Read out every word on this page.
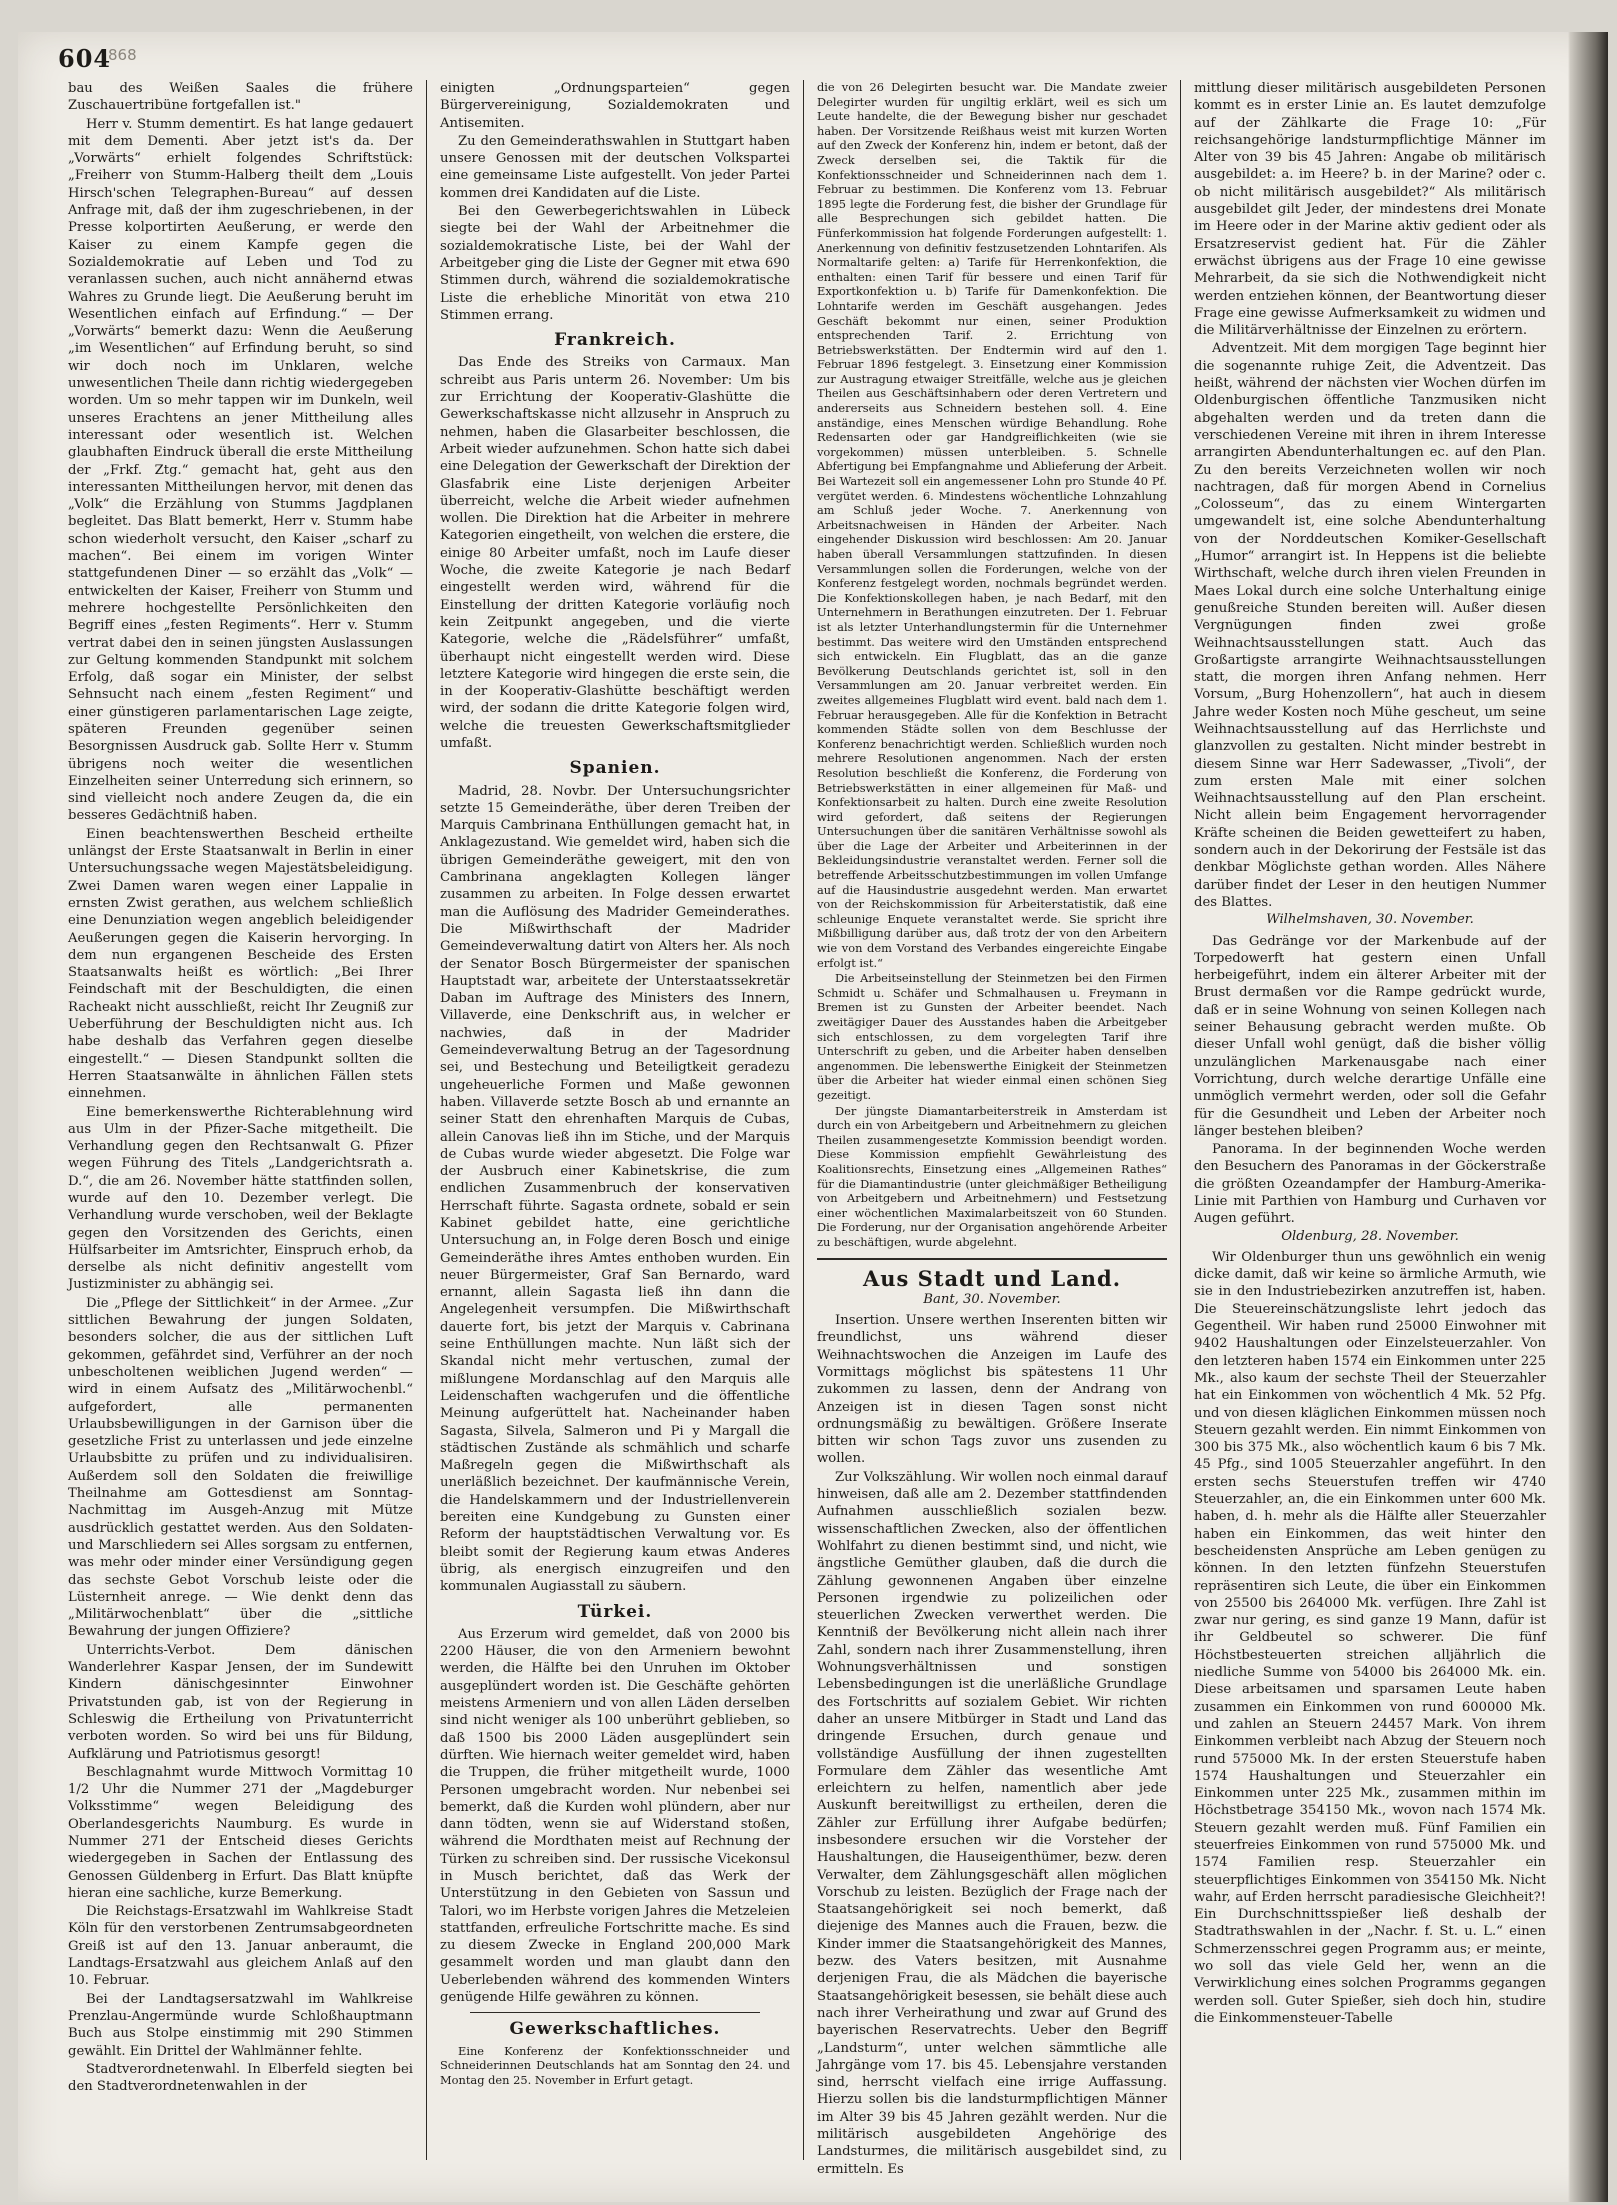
604
868

bau des Weißen Saales die frühere Zuschauertribüne fortgefallen ist."

Herr v. Stumm dementirt. Es hat lange gedauert mit dem Dementi. Aber jetzt ist's da. Der „Vorwärts“ erhielt folgendes Schriftstück: „Freiherr von Stumm-Halberg theilt dem „Louis Hirsch'schen Telegraphen-Bureau“ auf dessen Anfrage mit, daß der ihm zugeschriebenen, in der Presse kolportirten Aeußerung, er werde den Kaiser zu einem Kampfe gegen die Sozialdemokratie auf Leben und Tod zu veranlassen suchen, auch nicht annähernd etwas Wahres zu Grunde liegt. Die Aeußerung beruht im Wesentlichen einfach auf Erfindung.“ — Der „Vorwärts“ bemerkt dazu: Wenn die Aeußerung „im Wesentlichen“ auf Erfindung beruht, so sind wir doch noch im Unklaren, welche unwesentlichen Theile dann richtig wiedergegeben worden. Um so mehr tappen wir im Dunkeln, weil unseres Erachtens an jener Mittheilung alles interessant oder wesentlich ist. Welchen glaubhaften Eindruck überall die erste Mittheilung der „Frkf. Ztg.“ gemacht hat, geht aus den interessanten Mittheilungen hervor, mit denen das „Volk“ die Erzählung von Stumms Jagdplanen begleitet. Das Blatt bemerkt, Herr v. Stumm habe schon wiederholt versucht, den Kaiser „scharf zu machen“. Bei einem im vorigen Winter stattgefundenen Diner — so erzählt das „Volk“ — entwickelten der Kaiser, Freiherr von Stumm und mehrere hochgestellte Persönlichkeiten den Begriff eines „festen Regiments“. Herr v. Stumm vertrat dabei den in seinen jüngsten Auslassungen zur Geltung kommenden Standpunkt mit solchem Erfolg, daß sogar ein Minister, der selbst Sehnsucht nach einem „festen Regiment“ und einer günstigeren parlamentarischen Lage zeigte, späteren Freunden gegenüber seinen Besorgnissen Ausdruck gab. Sollte Herr v. Stumm übrigens noch weiter die wesentlichen Einzelheiten seiner Unterredung sich erinnern, so sind vielleicht noch andere Zeugen da, die ein besseres Gedächtniß haben.

Einen beachtenswerthen Bescheid ertheilte unlängst der Erste Staatsanwalt in Berlin in einer Untersuchungssache wegen Majestätsbeleidigung. Zwei Damen waren wegen einer Lappalie in ernsten Zwist gerathen, aus welchem schließlich eine Denunziation wegen angeblich beleidigender Aeußerungen gegen die Kaiserin hervorging. In dem nun ergangenen Bescheide des Ersten Staatsanwalts heißt es wörtlich: „Bei Ihrer Feindschaft mit der Beschuldigten, die einen Racheakt nicht ausschließt, reicht Ihr Zeugniß zur Ueberführung der Beschuldigten nicht aus. Ich habe deshalb das Verfahren gegen dieselbe eingestellt.“ — Diesen Standpunkt sollten die Herren Staatsanwälte in ähnlichen Fällen stets einnehmen.

Eine bemerkenswerthe Richterablehnung wird aus Ulm in der Pfizer-Sache mitgetheilt. Die Verhandlung gegen den Rechtsanwalt G. Pfizer wegen Führung des Titels „Landgerichtsrath a. D.“, die am 26. November hätte stattfinden sollen, wurde auf den 10. Dezember verlegt. Die Verhandlung wurde verschoben, weil der Beklagte gegen den Vorsitzenden des Gerichts, einen Hülfsarbeiter im Amtsrichter, Einspruch erhob, da derselbe als nicht definitiv angestellt vom Justizminister zu abhängig sei.

Die „Pflege der Sittlichkeit“ in der Armee. „Zur sittlichen Bewahrung der jungen Soldaten, besonders solcher, die aus der sittlichen Luft gekommen, gefährdet sind, Verführer an der noch unbescholtenen weiblichen Jugend werden“ — wird in einem Aufsatz des „Militärwochenbl.“ aufgefordert, alle permanenten Urlaubsbewilligungen in der Garnison über die gesetzliche Frist zu unterlassen und jede einzelne Urlaubsbitte zu prüfen und zu individualisiren. Außerdem soll den Soldaten die freiwillige Theilnahme am Gottesdienst am Sonntag-Nachmittag im Ausgeh-Anzug mit Mütze ausdrücklich gestattet werden. Aus den Soldaten- und Marschliedern sei Alles sorgsam zu entfernen, was mehr oder minder einer Versündigung gegen das sechste Gebot Vorschub leiste oder die Lüsternheit anrege. — Wie denkt denn das „Militärwochenblatt“ über die „sittliche Bewahrung der jungen Offiziere?

Unterrichts-Verbot. Dem dänischen Wanderlehrer Kaspar Jensen, der im Sundewitt Kindern dänischgesinnter Einwohner Privatstunden gab, ist von der Regierung in Schleswig die Ertheilung von Privatunterricht verboten worden. So wird bei uns für Bildung, Aufklärung und Patriotismus gesorgt!

Beschlagnahmt wurde Mittwoch Vormittag 10 1/2 Uhr die Nummer 271 der „Magdeburger Volksstimme“ wegen Beleidigung des Oberlandesgerichts Naumburg. Es wurde in Nummer 271 der Entscheid dieses Gerichts wiedergegeben in Sachen der Entlassung des Genossen Güldenberg in Erfurt. Das Blatt knüpfte hieran eine sachliche, kurze Bemerkung.

Die Reichstags-Ersatzwahl im Wahlkreise Stadt Köln für den verstorbenen Zentrumsabgeordneten Greiß ist auf den 13. Januar anberaumt, die Landtags-Ersatzwahl aus gleichem Anlaß auf den 10. Februar.

Bei der Landtagsersatzwahl im Wahlkreise Prenzlau-Angermünde wurde Schloßhauptmann Buch aus Stolpe einstimmig mit 290 Stimmen gewählt. Ein Drittel der Wahlmänner fehlte.

Stadtverordnetenwahl. In Elberfeld siegten bei den Stadtverordnetenwahlen in der

einigten „Ordnungsparteien“ gegen Bürgervereinigung, Sozialdemokraten und Antisemiten.

Zu den Gemeinderathswahlen in Stuttgart haben unsere Genossen mit der deutschen Volkspartei eine gemeinsame Liste aufgestellt. Von jeder Partei kommen drei Kandidaten auf die Liste.

Bei den Gewerbegerichtswahlen in Lübeck siegte bei der Wahl der Arbeitnehmer die sozialdemokratische Liste, bei der Wahl der Arbeitgeber ging die Liste der Gegner mit etwa 690 Stimmen durch, während die sozialdemokratische Liste die erhebliche Minorität von etwa 210 Stimmen errang.

Frankreich.

Das Ende des Streiks von Carmaux. Man schreibt aus Paris unterm 26. November: Um bis zur Errichtung der Kooperativ-Glashütte die Gewerkschaftskasse nicht allzusehr in Anspruch zu nehmen, haben die Glasarbeiter beschlossen, die Arbeit wieder aufzunehmen. Schon hatte sich dabei eine Delegation der Gewerkschaft der Direktion der Glasfabrik eine Liste derjenigen Arbeiter überreicht, welche die Arbeit wieder aufnehmen wollen. Die Direktion hat die Arbeiter in mehrere Kategorien eingetheilt, von welchen die erstere, die einige 80 Arbeiter umfaßt, noch im Laufe dieser Woche, die zweite Kategorie je nach Bedarf eingestellt werden wird, während für die Einstellung der dritten Kategorie vorläufig noch kein Zeitpunkt angegeben, und die vierte Kategorie, welche die „Rädelsführer“ umfaßt, überhaupt nicht eingestellt werden wird. Diese letztere Kategorie wird hingegen die erste sein, die in der Kooperativ-Glashütte beschäftigt werden wird, der sodann die dritte Kategorie folgen wird, welche die treuesten Gewerkschaftsmitglieder umfaßt.

Spanien.

Madrid, 28. Novbr. Der Untersuchungsrichter setzte 15 Gemeinderäthe, über deren Treiben der Marquis Cambrinana Enthüllungen gemacht hat, in Anklagezustand. Wie gemeldet wird, haben sich die übrigen Gemeinderäthe geweigert, mit den von Cambrinana angeklagten Kollegen länger zusammen zu arbeiten. In Folge dessen erwartet man die Auflösung des Madrider Gemeinderathes. Die Mißwirthschaft der Madrider Gemeindeverwaltung datirt von Alters her. Als noch der Senator Bosch Bürgermeister der spanischen Hauptstadt war, arbeitete der Unterstaatssekretär Daban im Auftrage des Ministers des Innern, Villaverde, eine Denkschrift aus, in welcher er nachwies, daß in der Madrider Gemeindeverwaltung Betrug an der Tagesordnung sei, und Bestechung und Beteiligtkeit geradezu ungeheuerliche Formen und Maße gewonnen haben. Villaverde setzte Bosch ab und ernannte an seiner Statt den ehrenhaften Marquis de Cubas, allein Canovas ließ ihn im Stiche, und der Marquis de Cubas wurde wieder abgesetzt. Die Folge war der Ausbruch einer Kabinetskrise, die zum endlichen Zusammenbruch der konservativen Herrschaft führte. Sagasta ordnete, sobald er sein Kabinet gebildet hatte, eine gerichtliche Untersuchung an, in Folge deren Bosch und einige Gemeinderäthe ihres Amtes enthoben wurden. Ein neuer Bürgermeister, Graf San Bernardo, ward ernannt, allein Sagasta ließ ihn dann die Angelegenheit versumpfen. Die Mißwirthschaft dauerte fort, bis jetzt der Marquis v. Cabrinana seine Enthüllungen machte. Nun läßt sich der Skandal nicht mehr vertuschen, zumal der mißlungene Mordanschlag auf den Marquis alle Leidenschaften wachgerufen und die öffentliche Meinung aufgerüttelt hat. Nacheinander haben Sagasta, Silvela, Salmeron und Pi y Margall die städtischen Zustände als schmählich und scharfe Maßregeln gegen die Mißwirthschaft als unerläßlich bezeichnet. Der kaufmännische Verein, die Handelskammern und der Industriellenverein bereiten eine Kundgebung zu Gunsten einer Reform der hauptstädtischen Verwaltung vor. Es bleibt somit der Regierung kaum etwas Anderes übrig, als energisch einzugreifen und den kommunalen Augiasstall zu säubern.

Türkei.

Aus Erzerum wird gemeldet, daß von 2000 bis 2200 Häuser, die von den Armeniern bewohnt werden, die Hälfte bei den Unruhen im Oktober ausgeplündert worden ist. Die Geschäfte gehörten meistens Armeniern und von allen Läden derselben sind nicht weniger als 100 unberührt geblieben, so daß 1500 bis 2000 Läden ausgeplündert sein dürften. Wie hiernach weiter gemeldet wird, haben die Truppen, die früher mitgetheilt wurde, 1000 Personen umgebracht worden. Nur nebenbei sei bemerkt, daß die Kurden wohl plündern, aber nur dann tödten, wenn sie auf Widerstand stoßen, während die Mordthaten meist auf Rechnung der Türken zu schreiben sind. Der russische Vicekonsul in Musch berichtet, daß das Werk der Unterstützung in den Gebieten von Sassun und Talori, wo im Herbste vorigen Jahres die Metzeleien stattfanden, erfreuliche Fortschritte mache. Es sind zu diesem Zwecke in England 200,000 Mark gesammelt worden und man glaubt dann den Ueberlebenden während des kommenden Winters genügende Hilfe gewähren zu können.

Gewerkschaftliches.

Eine Konferenz der Konfektionsschneider und Schneiderinnen Deutschlands hat am Sonntag den 24. und Montag den 25. November in Erfurt getagt.

die von 26 Delegirten besucht war. Die Mandate zweier Delegirter wurden für ungiltig erklärt, weil es sich um Leute handelte, die der Bewegung bisher nur geschadet haben. Der Vorsitzende Reißhaus weist mit kurzen Worten auf den Zweck der Konferenz hin, indem er betont, daß der Zweck derselben sei, die Taktik für die Konfektionsschneider und Schneiderinnen nach dem 1. Februar zu bestimmen. Die Konferenz vom 13. Februar 1895 legte die Forderung fest, die bisher der Grundlage für alle Besprechungen sich gebildet hatten. Die Fünferkommission hat folgende Forderungen aufgestellt: 1. Anerkennung von definitiv festzusetzenden Lohntarifen. Als Normaltarife gelten: a) Tarife für Herrenkonfektion, die enthalten: einen Tarif für bessere und einen Tarif für Exportkonfektion u. b) Tarife für Damenkonfektion. Die Lohntarife werden im Geschäft ausgehangen. Jedes Geschäft bekommt nur einen, seiner Produktion entsprechenden Tarif. 2. Errichtung von Betriebswerkstätten. Der Endtermin wird auf den 1. Februar 1896 festgelegt. 3. Einsetzung einer Kommission zur Austragung etwaiger Streitfälle, welche aus je gleichen Theilen aus Geschäftsinhabern oder deren Vertretern und andererseits aus Schneidern bestehen soll. 4. Eine anständige, eines Menschen würdige Behandlung. Rohe Redensarten oder gar Handgreiflichkeiten (wie sie vorgekommen) müssen unterbleiben. 5. Schnelle Abfertigung bei Empfangnahme und Ablieferung der Arbeit. Bei Wartezeit soll ein angemessener Lohn pro Stunde 40 Pf. vergütet werden. 6. Mindestens wöchentliche Lohnzahlung am Schluß jeder Woche. 7. Anerkennung von Arbeitsnachweisen in Händen der Arbeiter. Nach eingehender Diskussion wird beschlossen: Am 20. Januar haben überall Versammlungen stattzufinden. In diesen Versammlungen sollen die Forderungen, welche von der Konferenz festgelegt worden, nochmals begründet werden. Die Konfektionskollegen haben, je nach Bedarf, mit den Unternehmern in Berathungen einzutreten. Der 1. Februar ist als letzter Unterhandlungstermin für die Unternehmer bestimmt. Das weitere wird den Umständen entsprechend sich entwickeln. Ein Flugblatt, das an die ganze Bevölkerung Deutschlands gerichtet ist, soll in den Versammlungen am 20. Januar verbreitet werden. Ein zweites allgemeines Flugblatt wird event. bald nach dem 1. Februar herausgegeben. Alle für die Konfektion in Betracht kommenden Städte sollen von dem Beschlusse der Konferenz benachrichtigt werden. Schließlich wurden noch mehrere Resolutionen angenommen. Nach der ersten Resolution beschließt die Konferenz, die Forderung von Betriebswerkstätten in einer allgemeinen für Maß- und Konfektionsarbeit zu halten. Durch eine zweite Resolution wird gefordert, daß seitens der Regierungen Untersuchungen über die sanitären Verhältnisse sowohl als über die Lage der Arbeiter und Arbeiterinnen in der Bekleidungsindustrie veranstaltet werden. Ferner soll die betreffende Arbeitsschutzbestimmungen im vollen Umfange auf die Hausindustrie ausgedehnt werden. Man erwartet von der Reichskommission für Arbeiterstatistik, daß eine schleunige Enquete veranstaltet werde. Sie spricht ihre Mißbilligung darüber aus, daß trotz der von den Arbeitern wie von dem Vorstand des Verbandes eingereichte Eingabe erfolgt ist.“

Die Arbeitseinstellung der Steinmetzen bei den Firmen Schmidt u. Schäfer und Schmalhausen u. Freymann in Bremen ist zu Gunsten der Arbeiter beendet. Nach zweitägiger Dauer des Ausstandes haben die Arbeitgeber sich entschlossen, zu dem vorgelegten Tarif ihre Unterschrift zu geben, und die Arbeiter haben denselben angenommen. Die lebenswerthe Einigkeit der Steinmetzen über die Arbeiter hat wieder einmal einen schönen Sieg gezeitigt.

Der jüngste Diamantarbeiterstreik in Amsterdam ist durch ein von Arbeitgebern und Arbeitnehmern zu gleichen Theilen zusammengesetzte Kommission beendigt worden. Diese Kommission empfiehlt Gewährleistung des Koalitionsrechts, Einsetzung eines „Allgemeinen Rathes“ für die Diamantindustrie (unter gleichmäßiger Betheiligung von Arbeitgebern und Arbeitnehmern) und Festsetzung einer wöchentlichen Maximalarbeitszeit von 60 Stunden. Die Forderung, nur der Organisation angehörende Arbeiter zu beschäftigen, wurde abgelehnt.

Aus Stadt und Land.

Bant, 30. November.

Insertion. Unsere werthen Inserenten bitten wir freundlichst, uns während dieser Weihnachtswochen die Anzeigen im Laufe des Vormittags möglichst bis spätestens 11 Uhr zukommen zu lassen, denn der Andrang von Anzeigen ist in diesen Tagen sonst nicht ordnungsmäßig zu bewältigen. Größere Inserate bitten wir schon Tags zuvor uns zusenden zu wollen.

Zur Volkszählung. Wir wollen noch einmal darauf hinweisen, daß alle am 2. Dezember stattfindenden Aufnahmen ausschließlich sozialen bezw. wissenschaftlichen Zwecken, also der öffentlichen Wohlfahrt zu dienen bestimmt sind, und nicht, wie ängstliche Gemüther glauben, daß die durch die Zählung gewonnenen Angaben über einzelne Personen irgendwie zu polizeilichen oder steuerlichen Zwecken verwerthet werden. Die Kenntniß der Bevölkerung nicht allein nach ihrer Zahl, sondern nach ihrer Zusammenstellung, ihren Wohnungsverhältnissen und sonstigen Lebensbedingungen ist die unerläßliche Grundlage des Fortschritts auf sozialem Gebiet. Wir richten daher an unsere Mitbürger in Stadt und Land das dringende Ersuchen, durch genaue und vollständige Ausfüllung der ihnen zugestellten Formulare dem Zähler das wesentliche Amt erleichtern zu helfen, namentlich aber jede Auskunft bereitwilligst zu ertheilen, deren die Zähler zur Erfüllung ihrer Aufgabe bedürfen; insbesondere ersuchen wir die Vorsteher der Haushaltungen, die Hauseigenthümer, bezw. deren Verwalter, dem Zählungsgeschäft allen möglichen Vorschub zu leisten. Bezüglich der Frage nach der Staatsangehörigkeit sei noch bemerkt, daß diejenige des Mannes auch die Frauen, bezw. die Kinder immer die Staatsangehörigkeit des Mannes, bezw. des Vaters besitzen, mit Ausnahme derjenigen Frau, die als Mädchen die bayerische Staatsangehörigkeit besessen, sie behält diese auch nach ihrer Verheirathung und zwar auf Grund des bayerischen Reservatrechts. Ueber den Begriff „Landsturm“, unter welchen sämmtliche alle Jahrgänge vom 17. bis 45. Lebensjahre verstanden sind, herrscht vielfach eine irrige Auffassung. Hierzu sollen bis die landsturmpflichtigen Männer im Alter 39 bis 45 Jahren gezählt werden. Nur die militärisch ausgebildeten Angehörige des Landsturmes, die militärisch ausgebildet sind, zu ermitteln. Es

mittlung dieser militärisch ausgebildeten Personen kommt es in erster Linie an. Es lautet demzufolge auf der Zählkarte die Frage 10: „Für reichsangehörige landsturmpflichtige Männer im Alter von 39 bis 45 Jahren: Angabe ob militärisch ausgebildet: a. im Heere? b. in der Marine? oder c. ob nicht militärisch ausgebildet?“ Als militärisch ausgebildet gilt Jeder, der mindestens drei Monate im Heere oder in der Marine aktiv gedient oder als Ersatzreservist gedient hat. Für die Zähler erwächst übrigens aus der Frage 10 eine gewisse Mehrarbeit, da sie sich die Nothwendigkeit nicht werden entziehen können, der Beantwortung dieser Frage eine gewisse Aufmerksamkeit zu widmen und die Militärverhältnisse der Einzelnen zu erörtern.

Adventzeit. Mit dem morgigen Tage beginnt hier die sogenannte ruhige Zeit, die Adventzeit. Das heißt, während der nächsten vier Wochen dürfen im Oldenburgischen öffentliche Tanzmusiken nicht abgehalten werden und da treten dann die verschiedenen Vereine mit ihren in ihrem Interesse arrangirten Abendunterhaltungen ec. auf den Plan. Zu den bereits Verzeichneten wollen wir noch nachtragen, daß für morgen Abend in Cornelius „Colosseum“, das zu einem Wintergarten umgewandelt ist, eine solche Abendunterhaltung von der Norddeutschen Komiker-Gesellschaft „Humor“ arrangirt ist. In Heppens ist die beliebte Wirthschaft, welche durch ihren vielen Freunden in Maes Lokal durch eine solche Unterhaltung einige genußreiche Stunden bereiten will. Außer diesen Vergnügungen finden zwei große Weihnachtsausstellungen statt. Auch das Großartigste arrangirte Weihnachtsausstellungen statt, die morgen ihren Anfang nehmen. Herr Vorsum, „Burg Hohenzollern“, hat auch in diesem Jahre weder Kosten noch Mühe gescheut, um seine Weihnachtsausstellung auf das Herrlichste und glanzvollen zu gestalten. Nicht minder bestrebt in diesem Sinne war Herr Sadewasser, „Tivoli“, der zum ersten Male mit einer solchen Weihnachtsausstellung auf den Plan erscheint. Nicht allein beim Engagement hervorragender Kräfte scheinen die Beiden gewetteifert zu haben, sondern auch in der Dekorirung der Festsäle ist das denkbar Möglichste gethan worden. Alles Nähere darüber findet der Leser in den heutigen Nummer des Blattes.

Wilhelmshaven, 30. November.

Das Gedränge vor der Markenbude auf der Torpedowerft hat gestern einen Unfall herbeigeführt, indem ein älterer Arbeiter mit der Brust dermaßen vor die Rampe gedrückt wurde, daß er in seine Wohnung von seinen Kollegen nach seiner Behausung gebracht werden mußte. Ob dieser Unfall wohl genügt, daß die bisher völlig unzulänglichen Markenausgabe nach einer Vorrichtung, durch welche derartige Unfälle eine unmöglich vermehrt werden, oder soll die Gefahr für die Gesundheit und Leben der Arbeiter noch länger bestehen bleiben?

Panorama. In der beginnenden Woche werden den Besuchern des Panoramas in der Göckerstraße die größten Ozeandampfer der Hamburg-Amerika-Linie mit Parthien von Hamburg und Curhaven vor Augen geführt.

Oldenburg, 28. November.

Wir Oldenburger thun uns gewöhnlich ein wenig dicke damit, daß wir keine so ärmliche Armuth, wie sie in den Industriebezirken anzutreffen ist, haben. Die Steuereinschätzungsliste lehrt jedoch das Gegentheil. Wir haben rund 25000 Einwohner mit 9402 Haushaltungen oder Einzelsteuerzahler. Von den letzteren haben 1574 ein Einkommen unter 225 Mk., also kaum der sechste Theil der Steuerzahler hat ein Einkommen von wöchentlich 4 Mk. 52 Pfg. und von diesen kläglichen Einkommen müssen noch Steuern gezahlt werden. Ein nimmt Einkommen von 300 bis 375 Mk., also wöchentlich kaum 6 bis 7 Mk. 45 Pfg., sind 1005 Steuerzahler angeführt. In den ersten sechs Steuerstufen treffen wir 4740 Steuerzahler, an, die ein Einkommen unter 600 Mk. haben, d. h. mehr als die Hälfte aller Steuerzahler haben ein Einkommen, das weit hinter den bescheidensten Ansprüche am Leben genügen zu können. In den letzten fünfzehn Steuerstufen repräsentiren sich Leute, die über ein Einkommen von 25500 bis 264000 Mk. verfügen. Ihre Zahl ist zwar nur gering, es sind ganze 19 Mann, dafür ist ihr Geldbeutel so schwerer. Die fünf Höchstbesteuerten streichen alljährlich die niedliche Summe von 54000 bis 264000 Mk. ein. Diese arbeitsamen und sparsamen Leute haben zusammen ein Einkommen von rund 600000 Mk. und zahlen an Steuern 24457 Mark. Von ihrem Einkommen verbleibt nach Abzug der Steuern noch rund 575000 Mk. In der ersten Steuerstufe haben 1574 Haushaltungen und Steuerzahler ein Einkommen unter 225 Mk., zusammen mithin im Höchstbetrage 354150 Mk., wovon nach 1574 Mk. Steuern gezahlt werden muß. Fünf Familien ein steuerfreies Einkommen von rund 575000 Mk. und 1574 Familien resp. Steuerzahler ein steuerpflichtiges Einkommen von 354150 Mk. Nicht wahr, auf Erden herrscht paradiesische Gleichheit?! Ein Durchschnittsspießer ließ deshalb der Stadtrathswahlen in der „Nachr. f. St. u. L.“ einen Schmerzensschrei gegen Programm aus; er meinte, wo soll das viele Geld her, wenn an die Verwirklichung eines solchen Programms gegangen werden soll. Guter Spießer, sieh doch hin, studire die Einkommensteuer-Tabelle
